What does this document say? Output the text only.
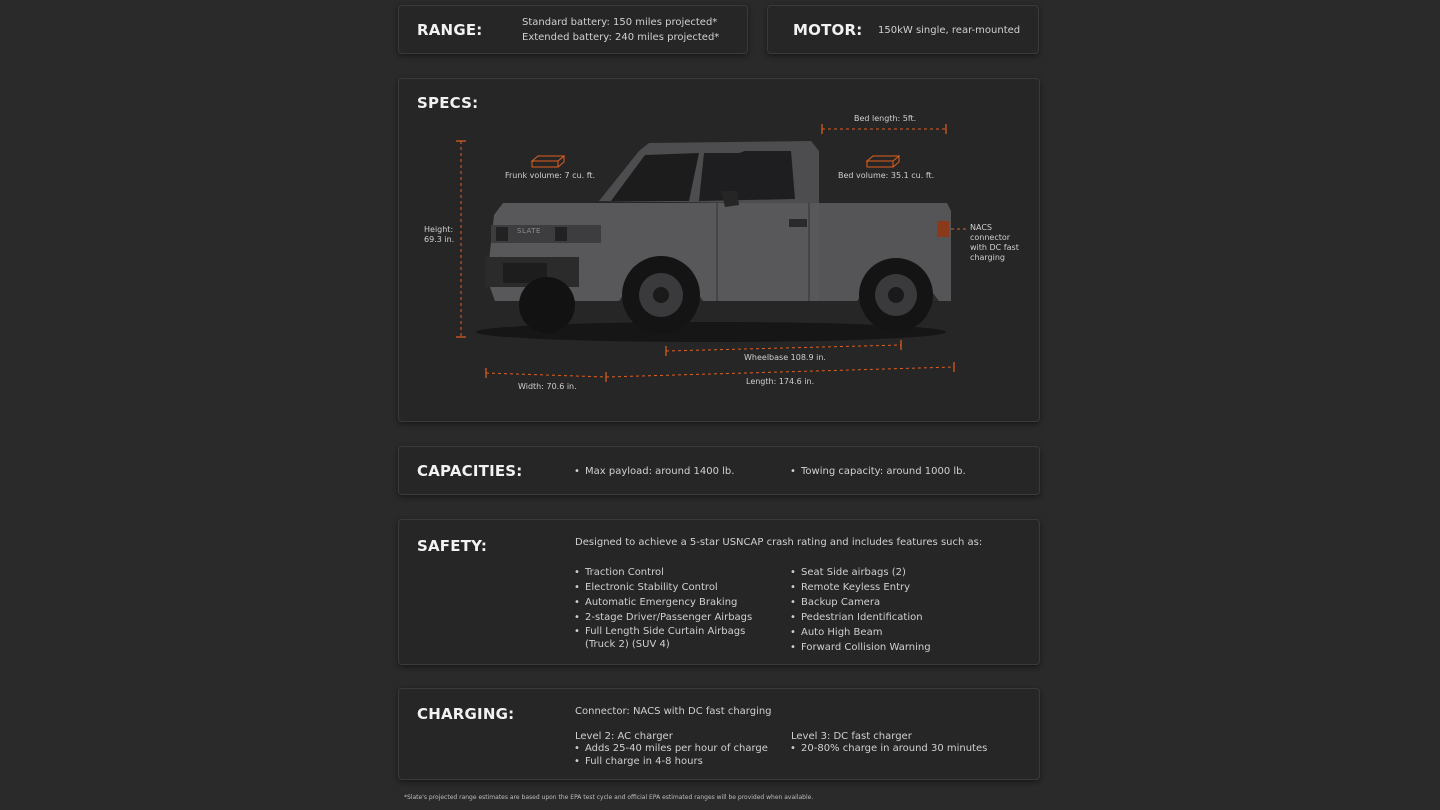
RANGE:	Standard battery: 150 miles projected*
Extended battery: 240 miles projected*	MOTOR: 150kW single, rear-mounted
SPECS:
SLATE
Bed length: 5ft.
Frunk volume: 7 cu. ft.	Bed volume: 35.1 cu. ft.
Height:
69.3 in.
NACS
connector
with DC fast
charging
Wheelbase 108.9 in.
Width: 70.6 in.
Length: 174.6 in.
CAPACITIES:	• Max payload: around 1400 lb.	• Towing capacity: around 1000 lb.
SAFETY:	Designed to achieve a 5-star USNCAP crash rating and includes features such as:
• Traction Control
• Electronic Stability Control
• Automatic Emergency Braking
• 2-stage Driver/Passenger Airbags
• Full Length Side Curtain Airbags
(Truck 2) (SUV 4)
• Seat Side airbags (2)
• Remote Keyless Entry
• Backup Camera
• Pedestrian Identification
• Auto High Beam
• Forward Collision Warning
CHARGING:	Connector: NACS with DC fast charging
Level 2: AC charger
• Adds 25-40 miles per hour of charge
• Full charge in 4-8 hours
Level 3: DC fast charger
• 20-80% charge in around 30 minutes
*Slate's projected range estimates are based upon the EPA test cycle and official EPA estimated ranges will be provided when available.
